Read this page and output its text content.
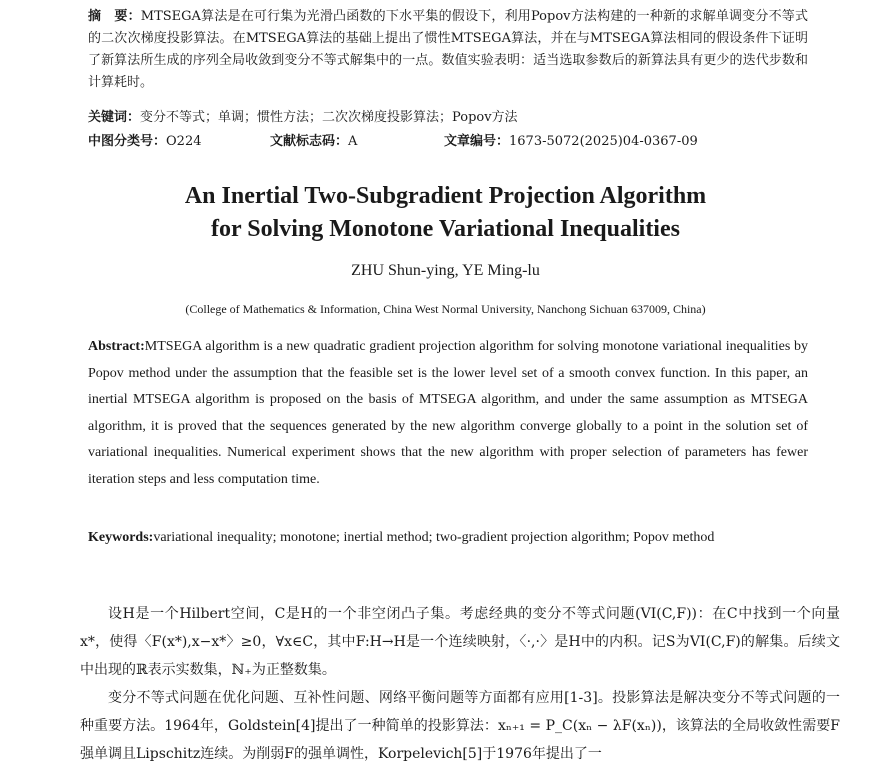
摘　要：MTSEGA算法是在可行集为光滑凸函数的下水平集的假设下，利用Popov方法构建的一种新的求解单调变分不等式的二次次梯度投影算法。在MTSEGA算法的基础上提出了惯性MTSEGA算法，并在与MTSEGA算法相同的假设条件下证明了新算法所生成的序列全局收敛到变分不等式解集中的一点。数值实验表明：适当选取参数后的新算法具有更少的迭代步数和计算耗时。
关键词：变分不等式；单调；惯性方法；二次次梯度投影算法；Popov方法
中图分类号：O224	文献标志码：A	文章编号：1673-5072(2025)04-0367-09
An Inertial Two-Subgradient Projection Algorithm
for Solving Monotone Variational Inequalities
ZHU Shun-ying, YE Ming-lu
(College of Mathematics & Information, China West Normal University, Nanchong Sichuan 637009, China)
Abstract:MTSEGA algorithm is a new quadratic gradient projection algorithm for solving monotone variational inequalities by Popov method under the assumption that the feasible set is the lower level set of a smooth convex function. In this paper, an inertial MTSEGA algorithm is proposed on the basis of MTSEGA algorithm, and under the same assumption as MTSEGA algorithm, it is proved that the sequences generated by the new algorithm converge globally to a point in the solution set of variational inequalities. Numerical experiment shows that the new algorithm with proper selection of parameters has fewer iteration steps and less computation time.
Keywords:variational inequality; monotone; inertial method; two-gradient projection algorithm; Popov method

设H是一个Hilbert空间，C是H的一个非空闭凸子集。考虑经典的变分不等式问题(VI(C,F))：在C中找到一个向量x*，使得〈F(x*),x−x*〉≥0，∀x∈C，其中F:H→H是一个连续映射，〈·,·〉是H中的内积。记S为VI(C,F)的解集。后续文中出现的ℝ表示实数集，ℕ₊为正整数集。

变分不等式问题在优化问题、互补性问题、网络平衡问题等方面都有应用[1-3]。投影算法是解决变分不等式问题的一种重要方法。1964年，Goldstein[4]提出了一种简单的投影算法：xₙ₊₁ = P_C(xₙ − λF(xₙ))，该算法的全局收敛性需要F强单调且Lipschitz连续。为削弱F的强单调性，Korpelevich[5]于1976年提出了一
